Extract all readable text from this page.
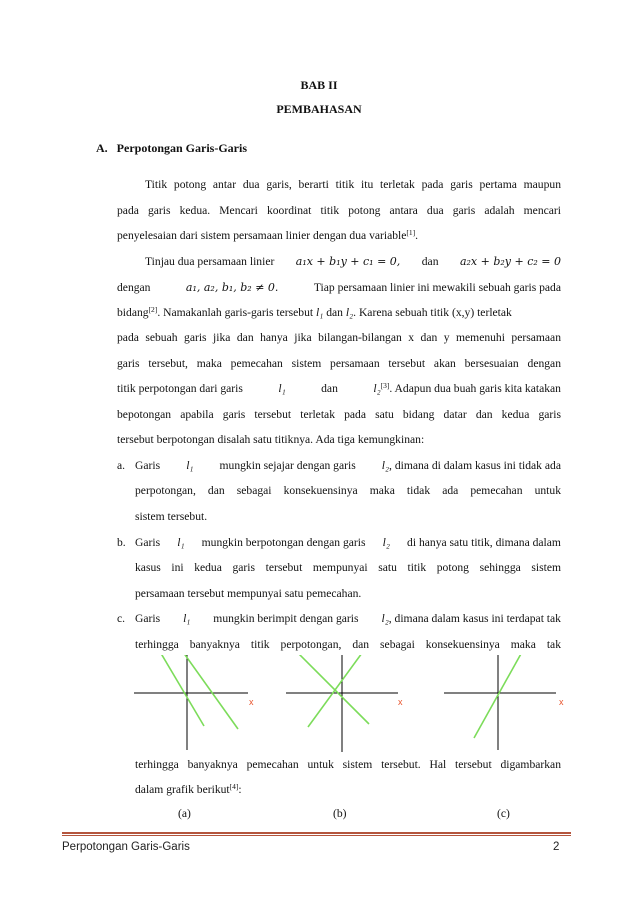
BAB II
PEMBAHASAN
A. Perpotongan Garis-Garis
Titik potong antar dua garis, berarti titik itu terletak pada garis pertama maupun
pada garis kedua. Mencari koordinat titik potong antara dua garis adalah mencari
penyelesaian dari sistem persamaan linier dengan dua variable[1].
Tinjau dua persamaan linier a₁x + b₁y + c₁ = 0, dan a₂x + b₂y + c₂ = 0
dengan	a₁, a₂, b₁, b₂ ≠ 0.	Tiap persamaan linier ini mewakili sebuah garis pada
bidang[2]. Namakanlah garis-garis tersebut l₁ dan l₂. Karena sebuah titik (x,y) terletak
pada sebuah garis jika dan hanya jika bilangan-bilangan x dan y memenuhi persamaan
garis tersebut, maka pemecahan sistem persamaan tersebut akan bersesuaian dengan
titik perpotongan dari garis	l₁	dan	l₂[3]. Adapun dua buah garis kita katakan
bepotongan apabila garis tersebut terletak pada satu bidang datar dan kedua garis
tersebut berpotongan disalah satu titiknya. Ada tiga kemungkinan:
a. Garis l₁ mungkin sejajar dengan garis l₂, dimana di dalam kasus ini tidak ada
perpotongan, dan sebagai konsekuensinya maka tidak ada pemecahan untuk
sistem tersebut.
b. Garis l₁ mungkin berpotongan dengan garis l₂ di hanya satu titik, dimana dalam
kasus ini kedua garis tersebut mempunyai satu titik potong sehingga sistem
persamaan tersebut mempunyai satu pemecahan.
c. Garis l₁ mungkin berimpit dengan garis l₂, dimana dalam kasus ini terdapat tak
terhingga banyaknya titik perpotongan, dan sebagai konsekuensinya maka tak
x	x	x
terhingga banyaknya pemecahan untuk sistem tersebut. Hal tersebut digambarkan
dalam grafik berikut[4]:
(a)	(b)	(c)
Perpotongan Garis-Garis	2
